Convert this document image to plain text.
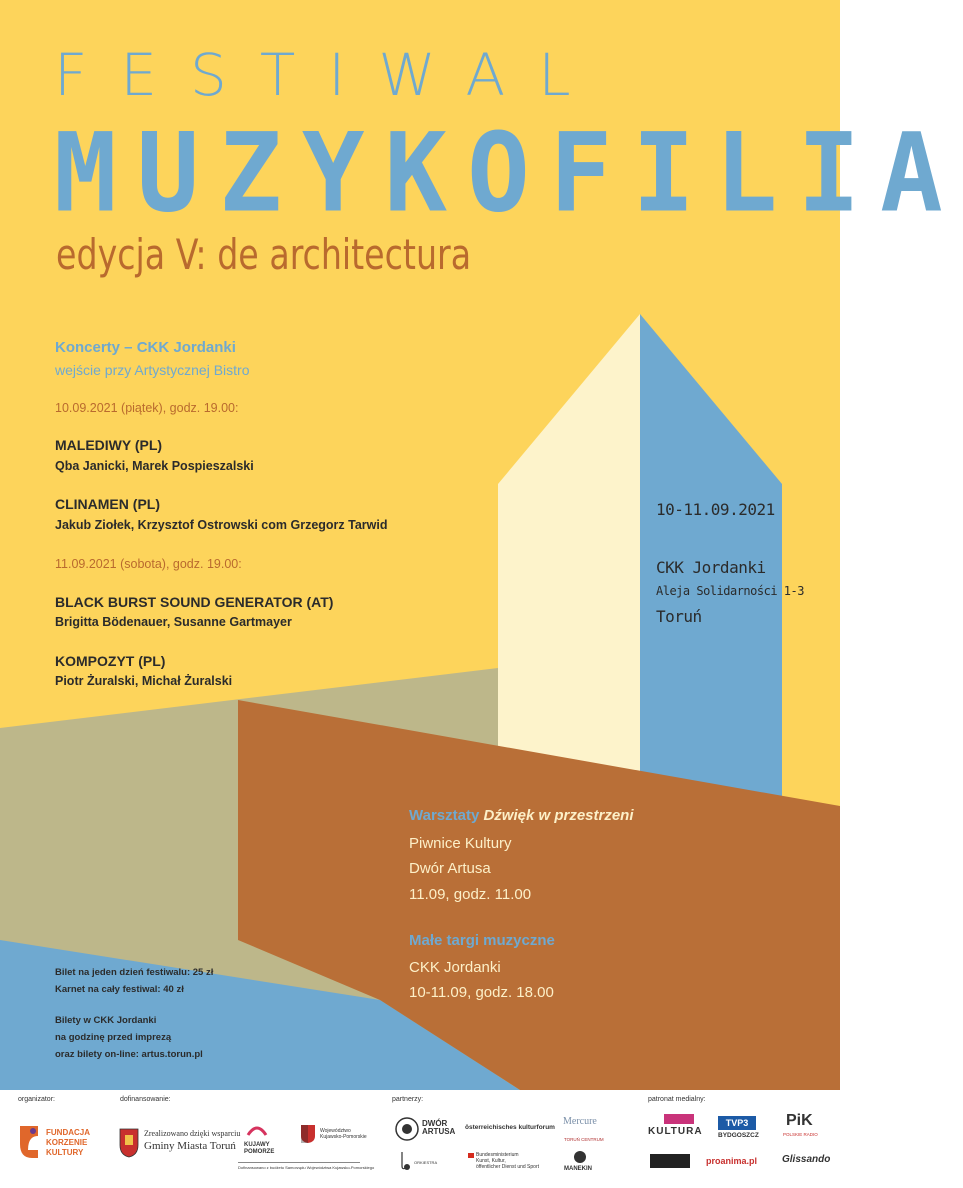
FESTIWAL
MUZYKOFILIA
edycja V: de architectura
Koncerty – CKK Jordanki
wejście przy Artystycznej Bistro
10.09.2021 (piątek), godz. 19.00:
MALEDIWY (PL)
Qba Janicki, Marek Pospieszalski
CLINAMEN (PL)
Jakub Ziołek, Krzysztof Ostrowski com Grzegorz Tarwid
11.09.2021 (sobota), godz. 19.00:
BLACK BURST SOUND GENERATOR (AT)
Brigitta Bödenauer, Susanne Gartmayer
KOMPOZYT (PL)
Piotr Żuralski, Michał Żuralski
10-11.09.2021
CKK Jordanki
Aleja Solidarności 1-3
Toruń
Warsztaty Dźwięk w przestrzeni
Piwnice Kultury
Dwór Artusa
11.09, godz. 11.00
Małe targi muzyczne
CKK Jordanki
10-11.09, godz. 18.00
Bilet na jeden dzień festiwalu: 25 zł
Karnet na cały festiwal: 40 zł
Bilety w CKK Jordanki
na godzinę przed imprezą
oraz bilety on-line: artus.torun.pl
organizator:	dofinansowanie:	partnerzy:	patronat medialny:
FUNDACJA
KORZENIE
KULTURY
Zrealizowano dzięki wsparciu
Gminy Miasta Toruń KUJAWY
POMORZE
Województwo
Kujawsko-Pomorskie
Dofinansowano z budżetu Samorządu Województwa Kujawsko-Pomorskiego
DWÓR
ARTUSA österreichisches kulturforum
Mercure
TORUŃ CENTRUM
ORKIESTRA
Bundesministerium
Kunst, Kultur,
öffentlicher Dienst und Sport	MANEKIN
KULTURA
TVP3
BYDGOSZCZ
PiK
POLSKIE RADIO
proanima.pl Glissando
